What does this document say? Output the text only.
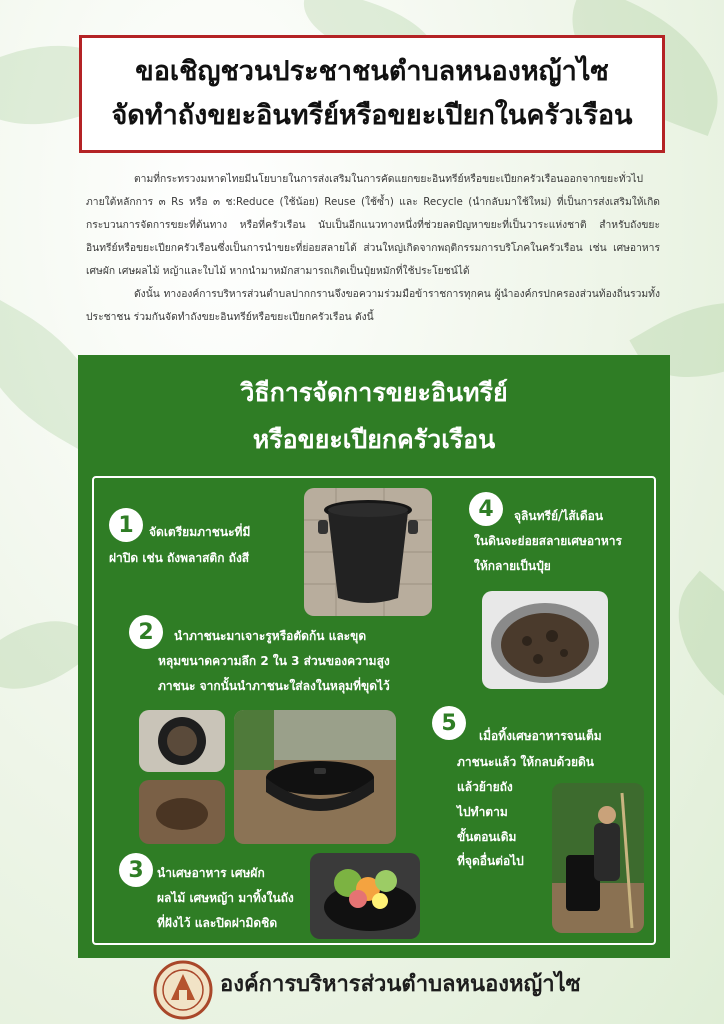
ขอเชิญชวนประชาชนตำบลหนองหญ้าไซ
จัดทำถังขยะอินทรีย์หรือขยะเปียกในครัวเรือน

ตามที่กระทรวงมหาดไทยมีนโยบายในการส่งเสริมในการคัดแยกขยะอินทรีย์หรือขยะเปียกครัวเรือนออกจากขยะทั่วไป ภายใต้หลักการ ๓ Rs หรือ ๓ ช:Reduce (ใช้น้อย) Reuse (ใช้ซ้ำ) และ Recycle (นำกลับมาใช้ใหม่) ที่เป็นการส่งเสริมให้เกิดกระบวนการจัดการขยะที่ต้นทาง หรือที่ครัวเรือน นับเป็นอีกแนวทางหนึ่งที่ช่วยลดปัญหาขยะที่เป็นวาระแห่งชาติ สำหรับถังขยะอินทรีย์หรือขยะเปียกครัวเรือนซึ่งเป็นการนำขยะที่ย่อยสลายได้ ส่วนใหญ่เกิดจากพฤติกรรมการบริโภคในครัวเรือน เช่น เศษอาหาร เศษผัก เศษผลไม้ หญ้าและใบไม้ หากนำมาหมักสามารถเกิดเป็นปุ๋ยหมักที่ใช้ประโยชน์ได้

ดังนั้น ทางองค์การบริหารส่วนตำบลปากกรานจึงขอความร่วมมือข้าราชการทุกคน ผู้นำองค์กรปกครองส่วนท้องถิ่นรวมทั้งประชาชน ร่วมกันจัดทำถังขยะอินทรีย์หรือขยะเปียกครัวเรือน ดังนี้

วิธีการจัดการขยะอินทรีย์
หรือขยะเปียกครัวเรือน
1	จัดเตรียมภาชนะที่มี
ฝาปิด เช่น ถังพลาสติก ถังสี
4	จุลินทรีย์/ไส้เดือน
ในดินจะย่อยสลายเศษอาหาร
ให้กลายเป็นปุ๋ย
2	นำภาชนะมาเจาะรูหรือตัดก้น และขุด
หลุมขนาดความลึก 2 ใน 3 ส่วนของความสูง
ภาชนะ จากนั้นนำภาชนะใส่ลงในหลุมที่ขุดไว้
5
เมื่อทิ้งเศษอาหารจนเต็ม
ภาชนะแล้ว ให้กลบด้วยดิน
แล้วย้ายถัง
ไปทำตาม
ขั้นตอนเดิม
ที่จุดอื่นต่อไป
3	นำเศษอาหาร เศษผัก
ผลไม้ เศษหญ้า มาทิ้งในถัง
ที่ฝังไว้ และปิดฝามิดชิด
องค์การบริหารส่วนตำบลหนองหญ้าไซ
